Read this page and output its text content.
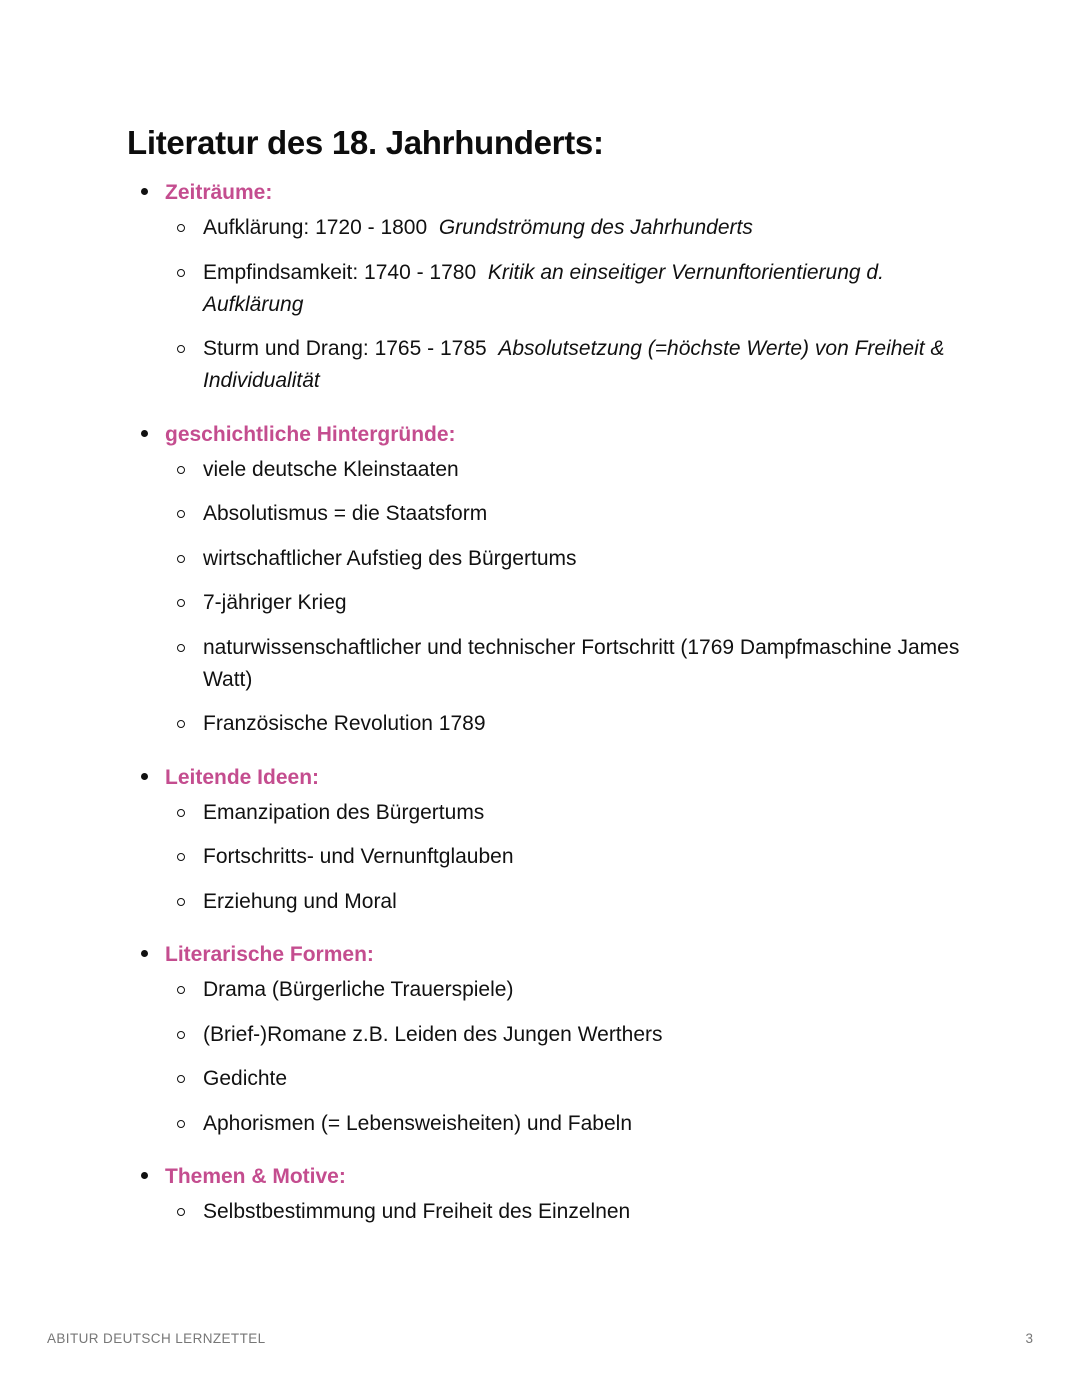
Literatur des 18. Jahrhunderts:
Zeiträume:
Aufklärung: 1720 - 1800 Grundströmung des Jahrhunderts
Empfindsamkeit: 1740 - 1780 Kritik an einseitiger Vernunftorientierung d. Aufklärung
Sturm und Drang: 1765 - 1785 Absolutsetzung (=höchste Werte) von Freiheit & Individualität
geschichtliche Hintergründe:
viele deutsche Kleinstaaten
Absolutismus = die Staatsform
wirtschaftlicher Aufstieg des Bürgertums
7-jähriger Krieg
naturwissenschaftlicher und technischer Fortschritt (1769 Dampfmaschine James Watt)
Französische Revolution 1789
Leitende Ideen:
Emanzipation des Bürgertums
Fortschritts- und Vernunftglauben
Erziehung und Moral
Literarische Formen:
Drama (Bürgerliche Trauerspiele)
(Brief-)Romane z.B. Leiden des Jungen Werthers
Gedichte
Aphorismen (= Lebensweisheiten) und Fabeln
Themen & Motive:
Selbstbestimmung und Freiheit des Einzelnen
ABITUR DEUTSCH LERNZETTEL	3
